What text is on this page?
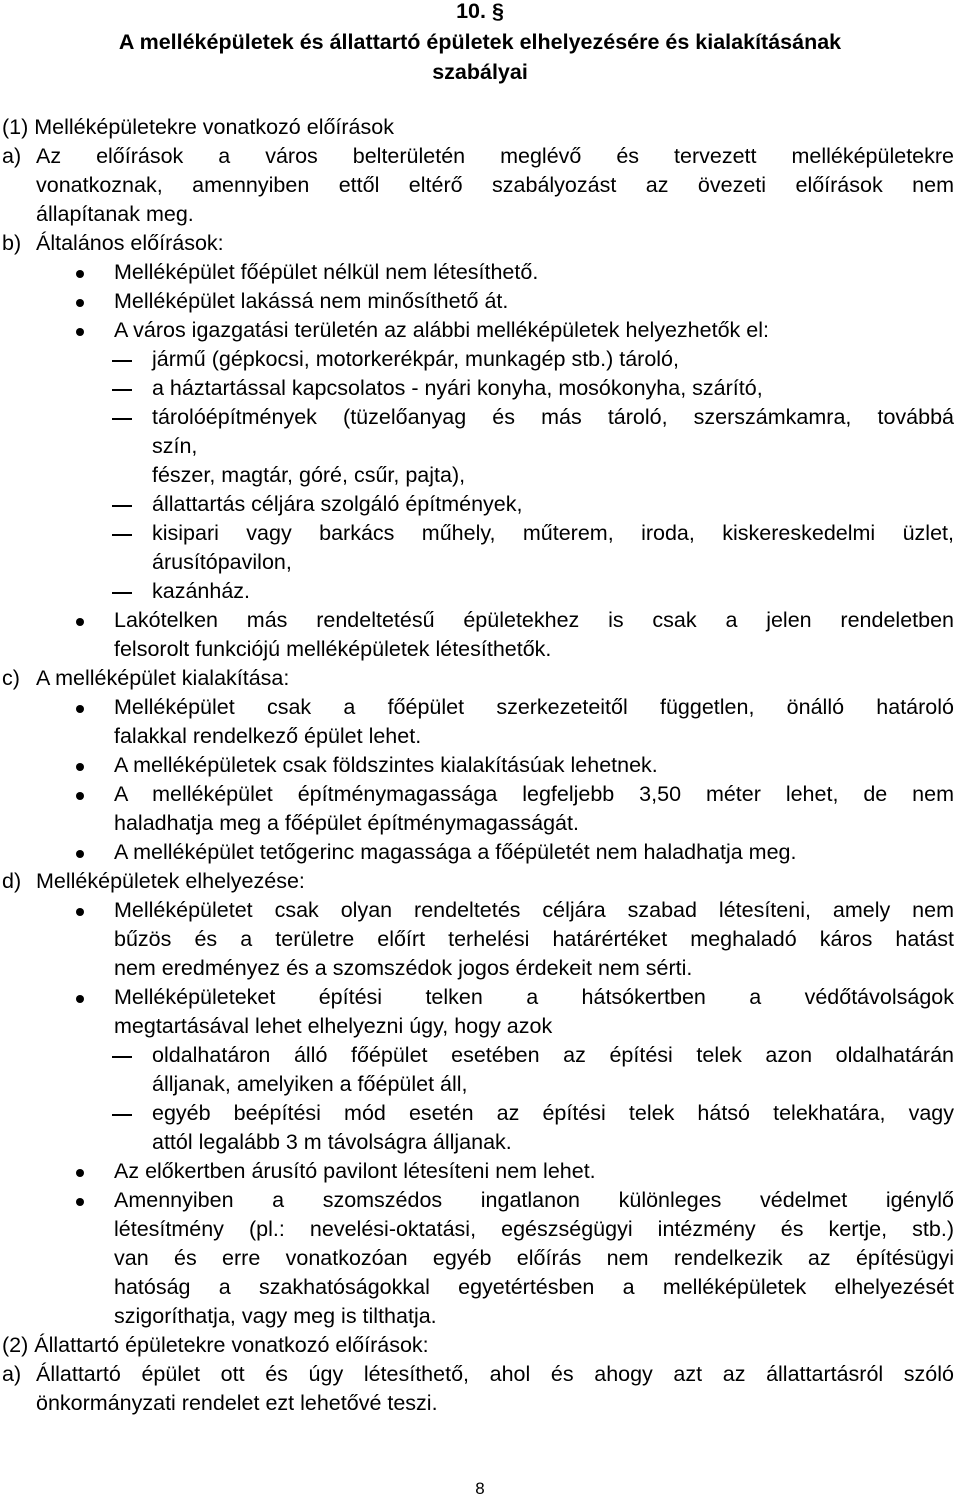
10. §
A melléképületek és állattartó épületek elhelyezésére és kialakításának
szabályai
(1) Melléképületekre vonatkozó előírások
a) Az előírások a város belterületén meglévő és tervezett melléképületekre
vonatkoznak, amennyiben ettől eltérő szabályozást az övezeti előírások nem
állapítanak meg.
b) Általános előírások:
Melléképület főépület nélkül nem létesíthető.
Melléképület lakássá nem minősíthető át.
A város igazgatási területén az alábbi melléképületek helyezhetők el:
jármű (gépkocsi, motorkerékpár, munkagép stb.) tároló,
a háztartással kapcsolatos - nyári konyha, mosókonyha, szárító,
tárolóépítmények (tüzelőanyag és más tároló, szerszámkamra, továbbá
szín,
fészer, magtár, góré, csűr, pajta),
állattartás céljára szolgáló építmények,
kisipari vagy barkács műhely, műterem, iroda, kiskereskedelmi üzlet,
árusítópavilon,
kazánház.
Lakótelken más rendeltetésű épületekhez is csak a jelen rendeletben
felsorolt funkciójú melléképületek létesíthetők.
c) A melléképület kialakítása:
Melléképület csak a főépület szerkezeteitől független, önálló határoló
falakkal rendelkező épület lehet.
A melléképületek csak földszintes kialakításúak lehetnek.
A melléképület építménymagassága legfeljebb 3,50 méter lehet, de nem
haladhatja meg a főépület építménymagasságát.
A melléképület tetőgerinc magassága a főépületét nem haladhatja meg.
d) Melléképületek elhelyezése:
Melléképületet csak olyan rendeltetés céljára szabad létesíteni, amely nem
bűzös és a területre előírt terhelési határértéket meghaladó káros hatást
nem eredményez és a szomszédok jogos érdekeit nem sérti.
Melléképületeket építési telken a hátsókertben a védőtávolságok
megtartásával lehet elhelyezni úgy, hogy azok
oldalhatáron álló főépület esetében az építési telek azon oldalhatárán
álljanak, amelyiken a főépület áll,
egyéb beépítési mód esetén az építési telek hátsó telekhatára, vagy
attól legalább 3 m távolságra álljanak.
Az előkertben árusító pavilont létesíteni nem lehet.
Amennyiben a szomszédos ingatlanon különleges védelmet igénylő
létesítmény (pl.: nevelési-oktatási, egészségügyi intézmény és kertje, stb.)
van és erre vonatkozóan egyéb előírás nem rendelkezik az építésügyi
hatóság a szakhatóságokkal egyetértésben a melléképületek elhelyezését
szigoríthatja, vagy meg is tilthatja.
(2) Állattartó épületekre vonatkozó előírások:
a) Állattartó épület ott és úgy létesíthető, ahol és ahogy azt az állattartásról szóló
önkormányzati rendelet ezt lehetővé teszi.
8
